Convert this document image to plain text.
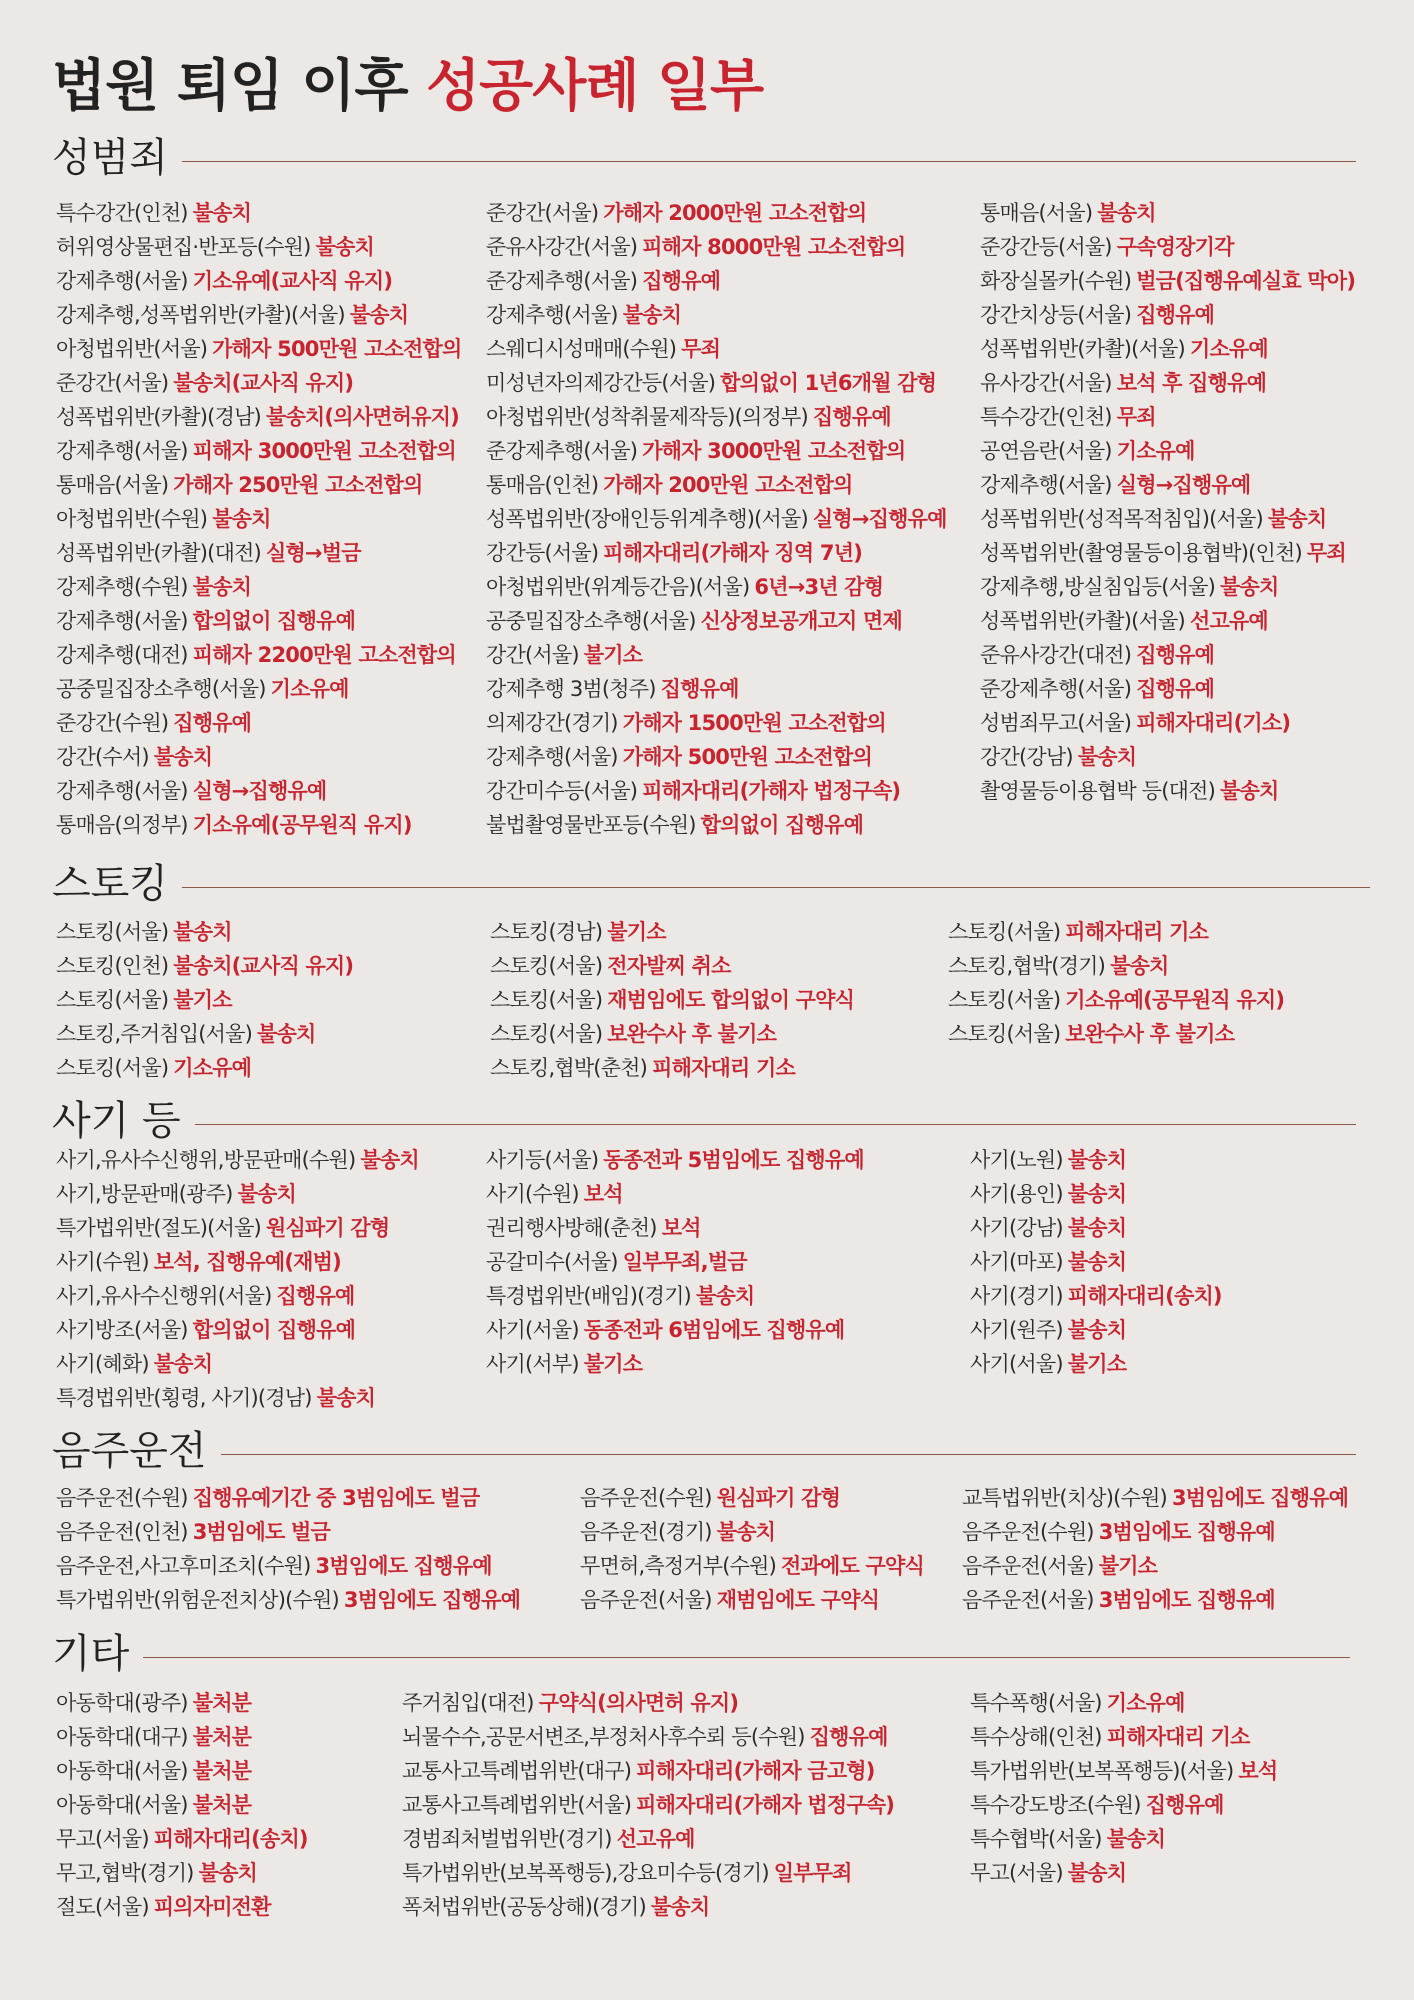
법원 퇴임 이후 성공사례 일부
성범죄
특수강간(인천) 불송치
허위영상물편집·반포등(수원) 불송치
강제추행(서울) 기소유예(교사직 유지)
강제추행,성폭법위반(카촬)(서울) 불송치
아청법위반(서울) 가해자 500만원 고소전합의
준강간(서울) 불송치(교사직 유지)
성폭법위반(카촬)(경남) 불송치(의사면허유지)
강제추행(서울) 피해자 3000만원 고소전합의
통매음(서울) 가해자 250만원 고소전합의
아청법위반(수원) 불송치
성폭법위반(카촬)(대전) 실형→벌금
강제추행(수원) 불송치
강제추행(서울) 합의없이 집행유예
강제추행(대전) 피해자 2200만원 고소전합의
공중밀집장소추행(서울) 기소유예
준강간(수원) 집행유예
강간(수서) 불송치
강제추행(서울) 실형→집행유예
통매음(의정부) 기소유예(공무원직 유지)
준강간(서울) 가해자 2000만원 고소전합의
준유사강간(서울) 피해자 8000만원 고소전합의
준강제추행(서울) 집행유예
강제추행(서울) 불송치
스웨디시성매매(수원) 무죄
미성년자의제강간등(서울) 합의없이 1년6개월 감형
아청법위반(성착취물제작등)(의정부) 집행유예
준강제추행(서울) 가해자 3000만원 고소전합의
통매음(인천) 가해자 200만원 고소전합의
성폭법위반(장애인등위계추행)(서울) 실형→집행유예
강간등(서울) 피해자대리(가해자 징역 7년)
아청법위반(위계등간음)(서울) 6년→3년 감형
공중밀집장소추행(서울) 신상정보공개고지 면제
강간(서울) 불기소
강제추행 3범(청주) 집행유예
의제강간(경기) 가해자 1500만원 고소전합의
강제추행(서울) 가해자 500만원 고소전합의
강간미수등(서울) 피해자대리(가해자 법정구속)
불법촬영물반포등(수원) 합의없이 집행유예
통매음(서울) 불송치
준강간등(서울) 구속영장기각
화장실몰카(수원) 벌금(집행유예실효 막아)
강간치상등(서울) 집행유예
성폭법위반(카촬)(서울) 기소유예
유사강간(서울) 보석 후 집행유예
특수강간(인천) 무죄
공연음란(서울) 기소유예
강제추행(서울) 실형→집행유예
성폭법위반(성적목적침입)(서울) 불송치
성폭법위반(촬영물등이용협박)(인천) 무죄
강제추행,방실침입등(서울) 불송치
성폭법위반(카촬)(서울) 선고유예
준유사강간(대전) 집행유예
준강제추행(서울) 집행유예
성범죄무고(서울) 피해자대리(기소)
강간(강남) 불송치
촬영물등이용협박 등(대전) 불송치
스토킹
스토킹(서울) 불송치
스토킹(인천) 불송치(교사직 유지)
스토킹(서울) 불기소
스토킹,주거침입(서울) 불송치
스토킹(서울) 기소유예
스토킹(경남) 불기소
스토킹(서울) 전자발찌 취소
스토킹(서울) 재범임에도 합의없이 구약식
스토킹(서울) 보완수사 후 불기소
스토킹,협박(춘천) 피해자대리 기소
스토킹(서울) 피해자대리 기소
스토킹,협박(경기) 불송치
스토킹(서울) 기소유예(공무원직 유지)
스토킹(서울) 보완수사 후 불기소
사기 등
사기,유사수신행위,방문판매(수원) 불송치
사기,방문판매(광주) 불송치
특가법위반(절도)(서울) 원심파기 감형
사기(수원) 보석, 집행유예(재범)
사기,유사수신행위(서울) 집행유예
사기방조(서울) 합의없이 집행유예
사기(혜화) 불송치
특경법위반(횡령, 사기)(경남) 불송치
사기등(서울) 동종전과 5범임에도 집행유예
사기(수원) 보석
권리행사방해(춘천) 보석
공갈미수(서울) 일부무죄,벌금
특경법위반(배임)(경기) 불송치
사기(서울) 동종전과 6범임에도 집행유예
사기(서부) 불기소
사기(노원) 불송치
사기(용인) 불송치
사기(강남) 불송치
사기(마포) 불송치
사기(경기) 피해자대리(송치)
사기(원주) 불송치
사기(서울) 불기소
음주운전
음주운전(수원) 집행유예기간 중 3범임에도 벌금
음주운전(인천) 3범임에도 벌금
음주운전,사고후미조치(수원) 3범임에도 집행유예
특가법위반(위험운전치상)(수원) 3범임에도 집행유예
음주운전(수원) 원심파기 감형
음주운전(경기) 불송치
무면허,측정거부(수원) 전과에도 구약식
음주운전(서울) 재범임에도 구약식
교특법위반(치상)(수원) 3범임에도 집행유예
음주운전(수원) 3범임에도 집행유예
음주운전(서울) 불기소
음주운전(서울) 3범임에도 집행유예
기타
아동학대(광주) 불처분
아동학대(대구) 불처분
아동학대(서울) 불처분
아동학대(서울) 불처분
무고(서울) 피해자대리(송치)
무고,협박(경기) 불송치
절도(서울) 피의자미전환
주거침입(대전) 구약식(의사면허 유지)
뇌물수수,공문서변조,부정처사후수뢰 등(수원) 집행유예
교통사고특례법위반(대구) 피해자대리(가해자 금고형)
교통사고특례법위반(서울) 피해자대리(가해자 법정구속)
경범죄처벌법위반(경기) 선고유예
특가법위반(보복폭행등),강요미수등(경기) 일부무죄
폭처법위반(공동상해)(경기) 불송치
특수폭행(서울) 기소유예
특수상해(인천) 피해자대리 기소
특가법위반(보복폭행등)(서울) 보석
특수강도방조(수원) 집행유예
특수협박(서울) 불송치
무고(서울) 불송치
